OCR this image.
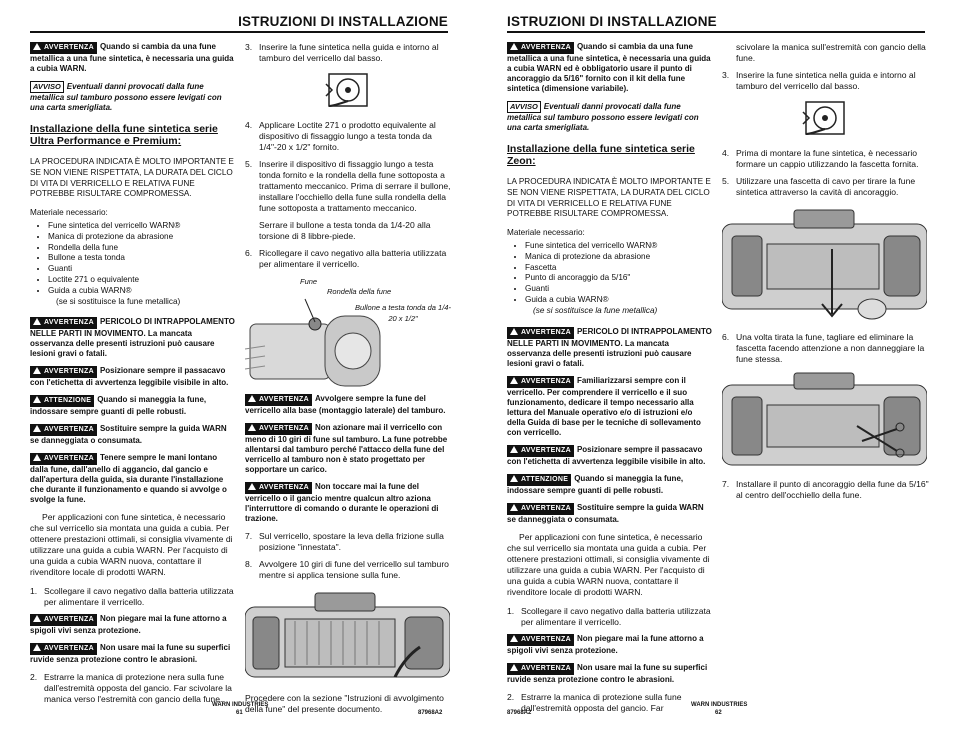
ISTRUZIONI DI INSTALLAZIONE
AVVERTENZA Quando si cambia da una fune metallica a una fune sintetica, è necessaria una guida a cubia WARN.
AVVISO Eventuali danni provocati dalla fune metallica sul tamburo possono essere levigati con una carta smerigliata.
Installazione della fune sintetica serie Ultra Performance e Premium:

LA PROCEDURA INDICATA È MOLTO IMPORTANTE E SE NON VIENE RISPETTATA, LA DURATA DEL CICLO DI VITA DI VERRICELLO E RELATIVA FUNE POTREBBE RISULTARE COMPROMESSA.

Materiale necessario:
• Fune sintetica del verricello WARN®
• Manica di protezione da abrasione
• Rondella della fune
• Bullone a testa tonda
• Guanti
• Loctite 271 o equivalente
• Guida a cubia WARN®
(se si sostituisce la fune metallica)
AVVERTENZA PERICOLO DI INTRAPPOLAMENTO NELLE PARTI IN MOVIMENTO. La mancata osservanza delle presenti istruzioni può causare lesioni gravi o fatali.
AVVERTENZA Posizionare sempre il passacavo con l'etichetta di avvertenza leggibile visibile in alto.
ATTENZIONE Quando si maneggia la fune, indossare sempre guanti di pelle robusti.
AVVERTENZA Sostituire sempre la guida WARN se danneggiata o consumata.
AVVERTENZA Tenere sempre le mani lontano dalla fune, dall'anello di aggancio, dal gancio e dall'apertura della guida, sia durante l'installazione che durante il funzionamento e quando si avvolge o svolge la fune.

Per applicazioni con fune sintetica, è necessario che sul verricello sia montata una guida a cubia. Per ottenere prestazioni ottimali, si consiglia vivamente di utilizzare una guida a cubia WARN. Per l'acquisto di una guida a cubia WARN nuova, contattare il rivenditore locale di prodotti WARN.

1. Scollegare il cavo negativo dalla batteria utilizzata per alimentare il verricello.
AVVERTENZA Non piegare mai la fune attorno a spigoli vivi senza protezione.
AVVERTENZA Non usare mai la fune su superfici ruvide senza protezione contro le abrasioni.
2. Estrarre la manica di protezione nera sulla fune dall'estremità opposta del gancio. Far scivolare la manica verso l'estremità con gancio della fune.
3. Inserire la fune sintetica nella guida e intorno al tamburo del verricello dal basso.
4. Applicare Loctite 271 o prodotto equivalente al dispositivo di fissaggio lungo a testa tonda da 1/4"-20 x 1/2" fornito.
5. Inserire il dispositivo di fissaggio lungo a testa tonda fornito e la rondella della fune sottoposta a trattamento meccanico. Prima di serrare il bullone, installare l'occhiello della fune sulla rondella della fune sottoposta a trattamento meccanico.
Serrare il bullone a testa tonda da 1/4-20 alla torsione di 8 libbre-piede.
6. Ricollegare il cavo negativo alla batteria utilizzata per alimentare il verricello.
Fune
Rondella della fune
Bullone a testa tonda da 1/4-20 x 1/2"
AVVERTENZA Avvolgere sempre la fune del verricello alla base (montaggio laterale) del tamburo.
AVVERTENZA Non azionare mai il verricello con meno di 10 giri di fune sul tamburo. La fune potrebbe allentarsi dal tamburo perché l'attacco della fune del verricello al tamburo non è stato progettato per sopportare un carico.
AVVERTENZA Non toccare mai la fune del verricello o il gancio mentre qualcun altro aziona l'interruttore di comando o durante le operazioni di trazione.
7. Sul verricello, spostare la leva della frizione sulla posizione "innestata".
8. Avvolgere 10 giri di fune del verricello sul tamburo mentre si applica tensione sulla fune.

Procedere con la sezione "Istruzioni di avvolgimento della fune" del presente documento.

WARN INDUSTRIES
61	87968A2
ISTRUZIONI DI INSTALLAZIONE
AVVERTENZA Quando si cambia da una fune metallica a una fune sintetica, è necessaria una guida a cubia WARN ed è obbligatorio usare il punto di ancoraggio da 5/16" fornito con il kit della fune sintetica (dimensione variabile).
AVVISO Eventuali danni provocati dalla fune metallica sul tamburo possono essere levigati con una carta smerigliata.
Installazione della fune sintetica serie Zeon:

LA PROCEDURA INDICATA È MOLTO IMPORTANTE E SE NON VIENE RISPETTATA, LA DURATA DEL CICLO DI VITA DI VERRICELLO E RELATIVA FUNE POTREBBE RISULTARE COMPROMESSA.

Materiale necessario:
• Fune sintetica del verricello WARN®
• Manica di protezione da abrasione
• Fascetta
• Punto di ancoraggio da 5/16"
• Guanti
• Guida a cubia WARN®
(se si sostituisce la fune metallica)
AVVERTENZA PERICOLO DI INTRAPPOLAMENTO NELLE PARTI IN MOVIMENTO. La mancata osservanza delle presenti istruzioni può causare lesioni gravi o fatali.
AVVERTENZA Familiarizzarsi sempre con il verricello. Per comprendere il verricello e il suo funzionamento, dedicare il tempo necessario alla lettura del Manuale operativo e/o di istruzioni e/o della Guida di base per le tecniche di sollevamento con verricello.
AVVERTENZA Posizionare sempre il passacavo con l'etichetta di avvertenza leggibile visibile in alto.
ATTENZIONE Quando si maneggia la fune, indossare sempre guanti di pelle robusti.
AVVERTENZA Sostituire sempre la guida WARN se danneggiata o consumata.

Per applicazioni con fune sintetica, è necessario che sul verricello sia montata una guida a cubia. Per ottenere prestazioni ottimali, si consiglia vivamente di utilizzare una guida a cubia WARN. Per l'acquisto di una guida a cubia WARN nuova, contattare il rivenditore locale di prodotti WARN.

1. Scollegare il cavo negativo dalla batteria utilizzata per alimentare il verricello.
AVVERTENZA Non piegare mai la fune attorno a spigoli vivi senza protezione.
AVVERTENZA Non usare mai la fune su superfici ruvide senza protezione contro le abrasioni.
2. Estrarre la manica di protezione sulla fune dall'estremità opposta del gancio. Far
scivolare la manica sull'estremità con gancio della fune.
3. Inserire la fune sintetica nella guida e intorno al tamburo del verricello dal basso.
4. Prima di montare la fune sintetica, è necessario formare un cappio utilizzando la fascetta fornita.
5. Utilizzare una fascetta di cavo per tirare la fune sintetica attraverso la cavità di ancoraggio.
6. Una volta tirata la fune, tagliare ed eliminare la fascetta facendo attenzione a non danneggiare la fune stessa.
7. Installare il punto di ancoraggio della fune da 5/16" al centro dell'occhiello della fune.
87968A2
WARN INDUSTRIES
62
